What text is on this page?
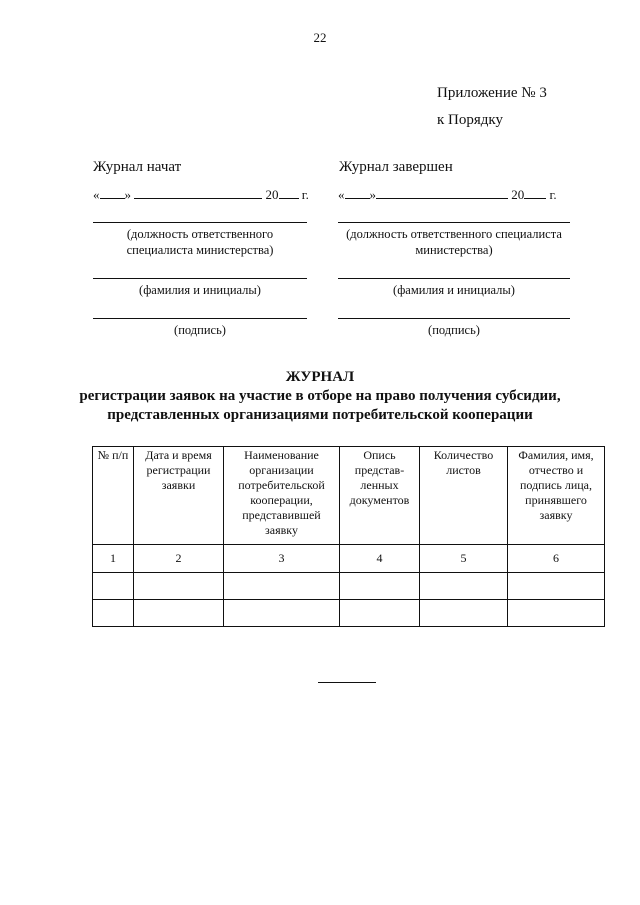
22
Приложение № 3
к Порядку
Журнал начат
« »	20 г.
(должность ответственного специалиста министерства)
(фамилия и инициалы)
(подпись)
Журнал завершен
« »	20 г.
(должность ответственного специалиста министерства)
(фамилия и инициалы)
(подпись)
ЖУРНАЛ
регистрации заявок на участие в отборе на право получения субсидии,
представленных организациями потребительской кооперации
№ п/п	Дата и время регистрации заявки	Наименование организации потребительской кооперации, представившей заявку	Опись представ-ленных документов	Количество листов	Фамилия, имя, отчество и подпись лица, принявшего заявку
1	2	3	4	5	6
